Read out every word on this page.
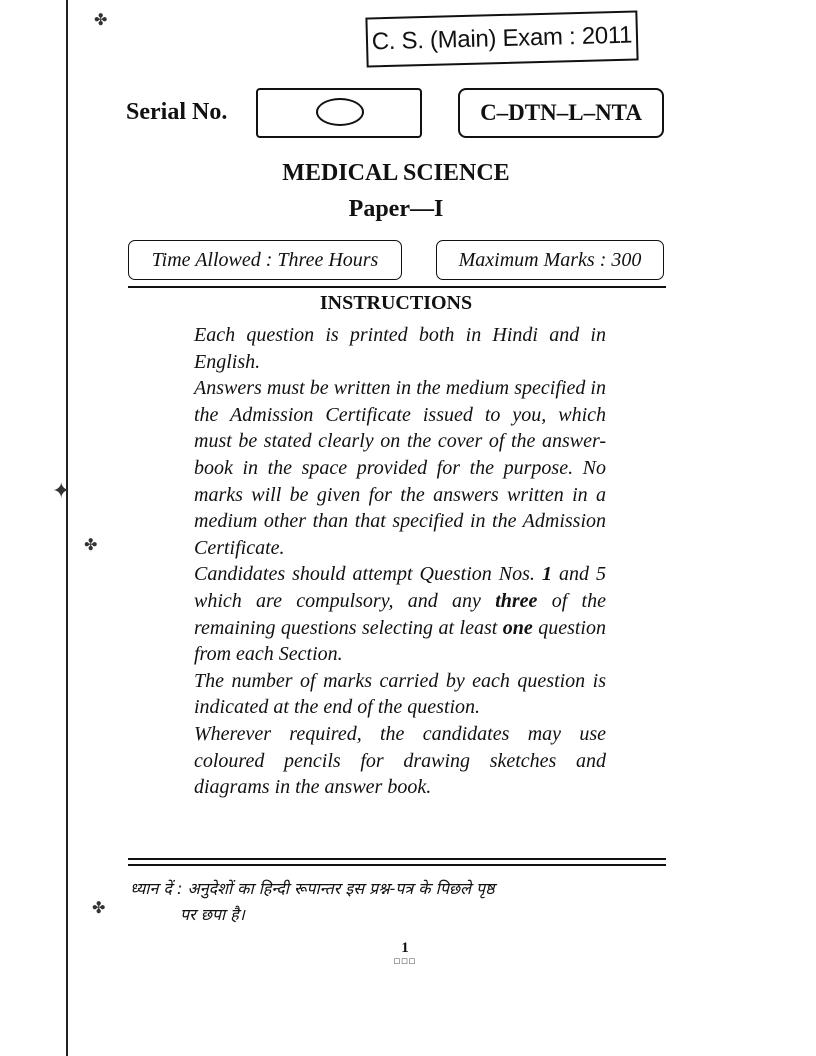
✤
✦
✤
✤
C. S. (Main) Exam : 2011
Serial No.	C–DTN–L–NTA
MEDICAL SCIENCE
Paper—I
Time Allowed : Three Hours	Maximum Marks : 300
INSTRUCTIONS

Each question is printed both in Hindi and in English.

Answers must be written in the medium specified in the Admission Certificate issued to you, which must be stated clearly on the cover of the answer-book in the space provided for the purpose. No marks will be given for the answers written in a medium other than that specified in the Admission Certificate.

Candidates should attempt Question Nos. 1 and 5 which are compulsory, and any three of the remaining questions selecting at least one question from each Section.

The number of marks carried by each question is indicated at the end of the question.

Wherever required, the candidates may use coloured pencils for drawing sketches and diagrams in the answer book.

ध्यान दें : अनुदेशों का हिन्दी रूपान्तर इस प्रश्न-पत्र के पिछले पृष्ठ
पर छपा है।
1
□□□
